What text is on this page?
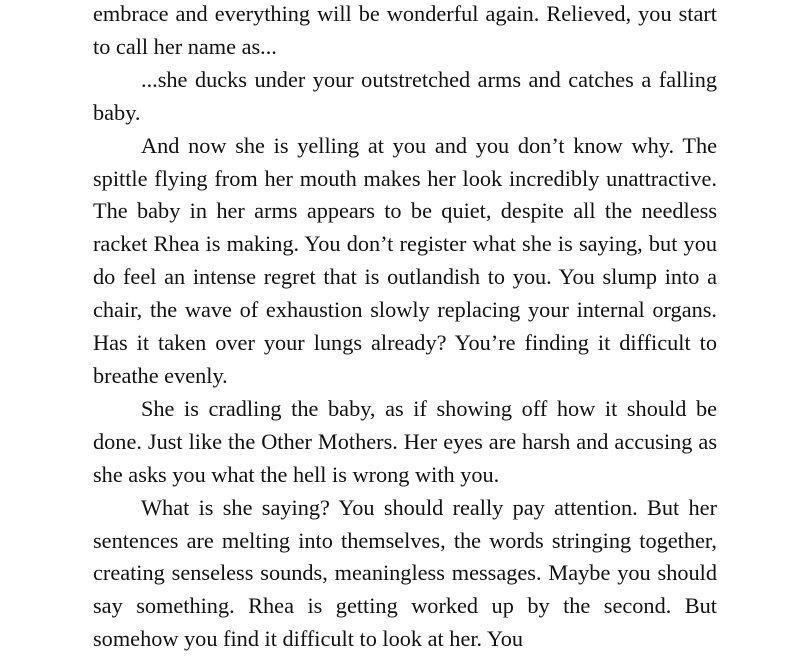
embrace and everything will be wonderful again. Relieved, you start to call her name as...

...she ducks under your outstretched arms and catches a falling baby.

And now she is yelling at you and you don’t know why. The spittle flying from her mouth makes her look incredibly unattractive. The baby in her arms appears to be quiet, despite all the needless racket Rhea is making. You don’t register what she is saying, but you do feel an intense regret that is outlandish to you. You slump into a chair, the wave of exhaustion slowly replacing your internal organs. Has it taken over your lungs already? You’re finding it difficult to breathe evenly.

She is cradling the baby, as if showing off how it should be done. Just like the Other Mothers. Her eyes are harsh and accusing as she asks you what the hell is wrong with you.

What is she saying? You should really pay attention. But her sentences are melting into themselves, the words stringing together, creating senseless sounds, meaningless messages. Maybe you should say something. Rhea is getting worked up by the second. But somehow you find it difficult to look at her. You
